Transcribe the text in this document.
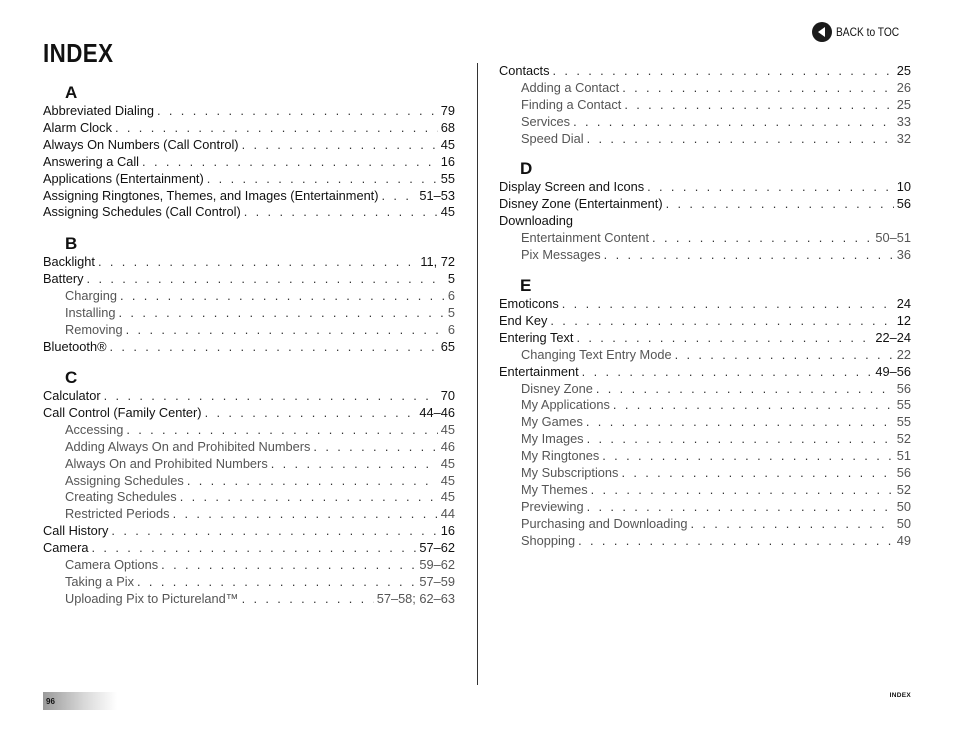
INDEX
BACK to TOC
A
Abbreviated Dialing . . .	79
Alarm Clock . . .	68
Always On Numbers (Call Control) . . .	45
Answering a Call . . .	16
Applications (Entertainment) . . .	55
Assigning Ringtones, Themes, and Images (Entertainment) . . .	51–53
Assigning Schedules (Call Control) . . .	45
B
Backlight . . .	11, 72
Battery . . .	5
Charging . . .	6
Installing . . .	5
Removing . . .	6
Bluetooth® . . .	65
C
Calculator . . .	70
Call Control (Family Center) . . .	44–46
Accessing . . .	45
Adding Always On and Prohibited Numbers . . .	46
Always On and Prohibited Numbers . . .	45
Assigning Schedules . . .	45
Creating Schedules . . .	45
Restricted Periods . . .	44
Call History . . .	16
Camera . . .	57–62
Camera Options . . .	59–62
Taking a Pix . . .	57–59
Uploading Pix to Pictureland™ . . .	57–58; 62–63
Contacts . . .	25
Adding a Contact . . .	26
Finding a Contact . . .	25
Services . . .	33
Speed Dial . . .	32
D
Display Screen and Icons . . .	10
Disney Zone (Entertainment) . . .	56
Downloading
Entertainment Content . . .	50–51
Pix Messages . . .	36
E
Emoticons . . .	24
End Key . . .	12
Entering Text . . .	22–24
Changing Text Entry Mode . . .	22
Entertainment . . .	49–56
Disney Zone . . .	56
My Applications . . .	55
My Games . . .	55
My Images . . .	52
My Ringtones . . .	51
My Subscriptions . . .	56
My Themes . . .	52
Previewing . . .	50
Purchasing and Downloading . . .	50
Shopping . . .	49
96
INDEX
